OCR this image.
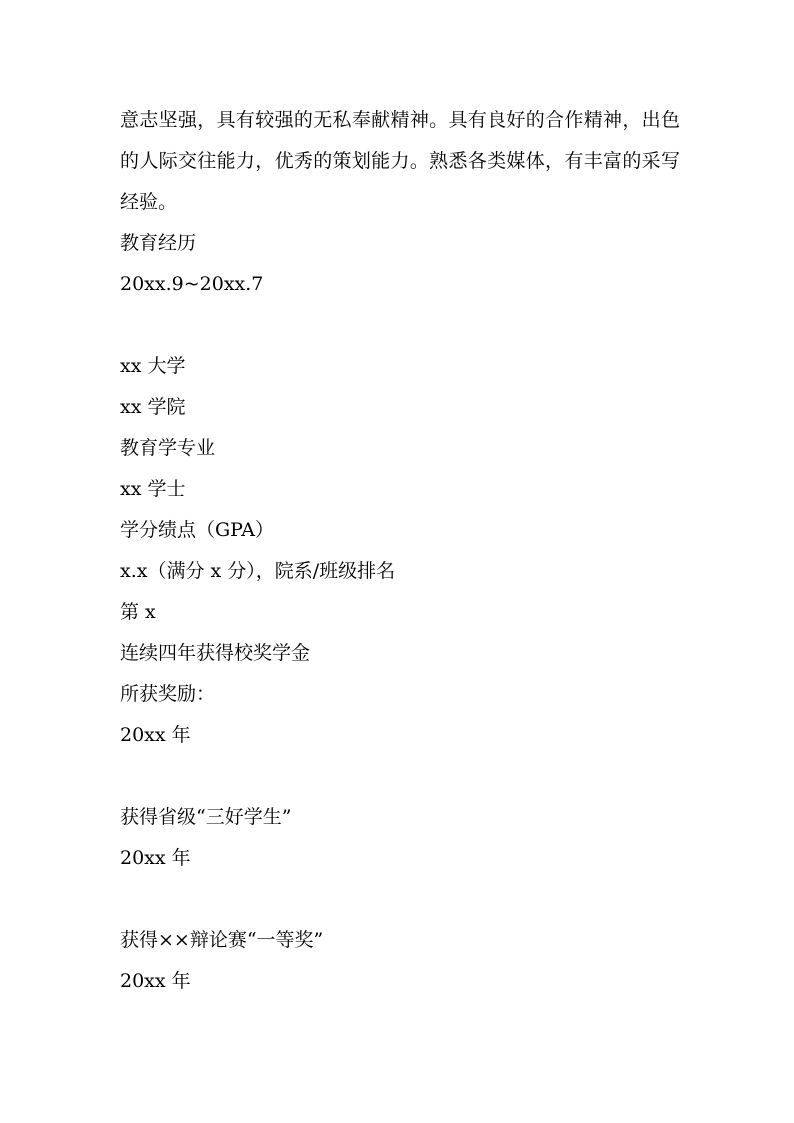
意志坚强，具有较强的无私奉献精神。具有良好的合作精神，出色的人际交往能力，优秀的策划能力。熟悉各类媒体，有丰富的采写经验。

教育经历

20xx.9~20xx.7

xx 大学

xx 学院

教育学专业

xx 学士

学分绩点（GPA）

x.x（满分 x 分），院系/班级排名

第 x

连续四年获得校奖学金

所获奖励：

20xx 年

获得省级“三好学生”

20xx 年

获得××辩论赛“一等奖”

20xx 年
